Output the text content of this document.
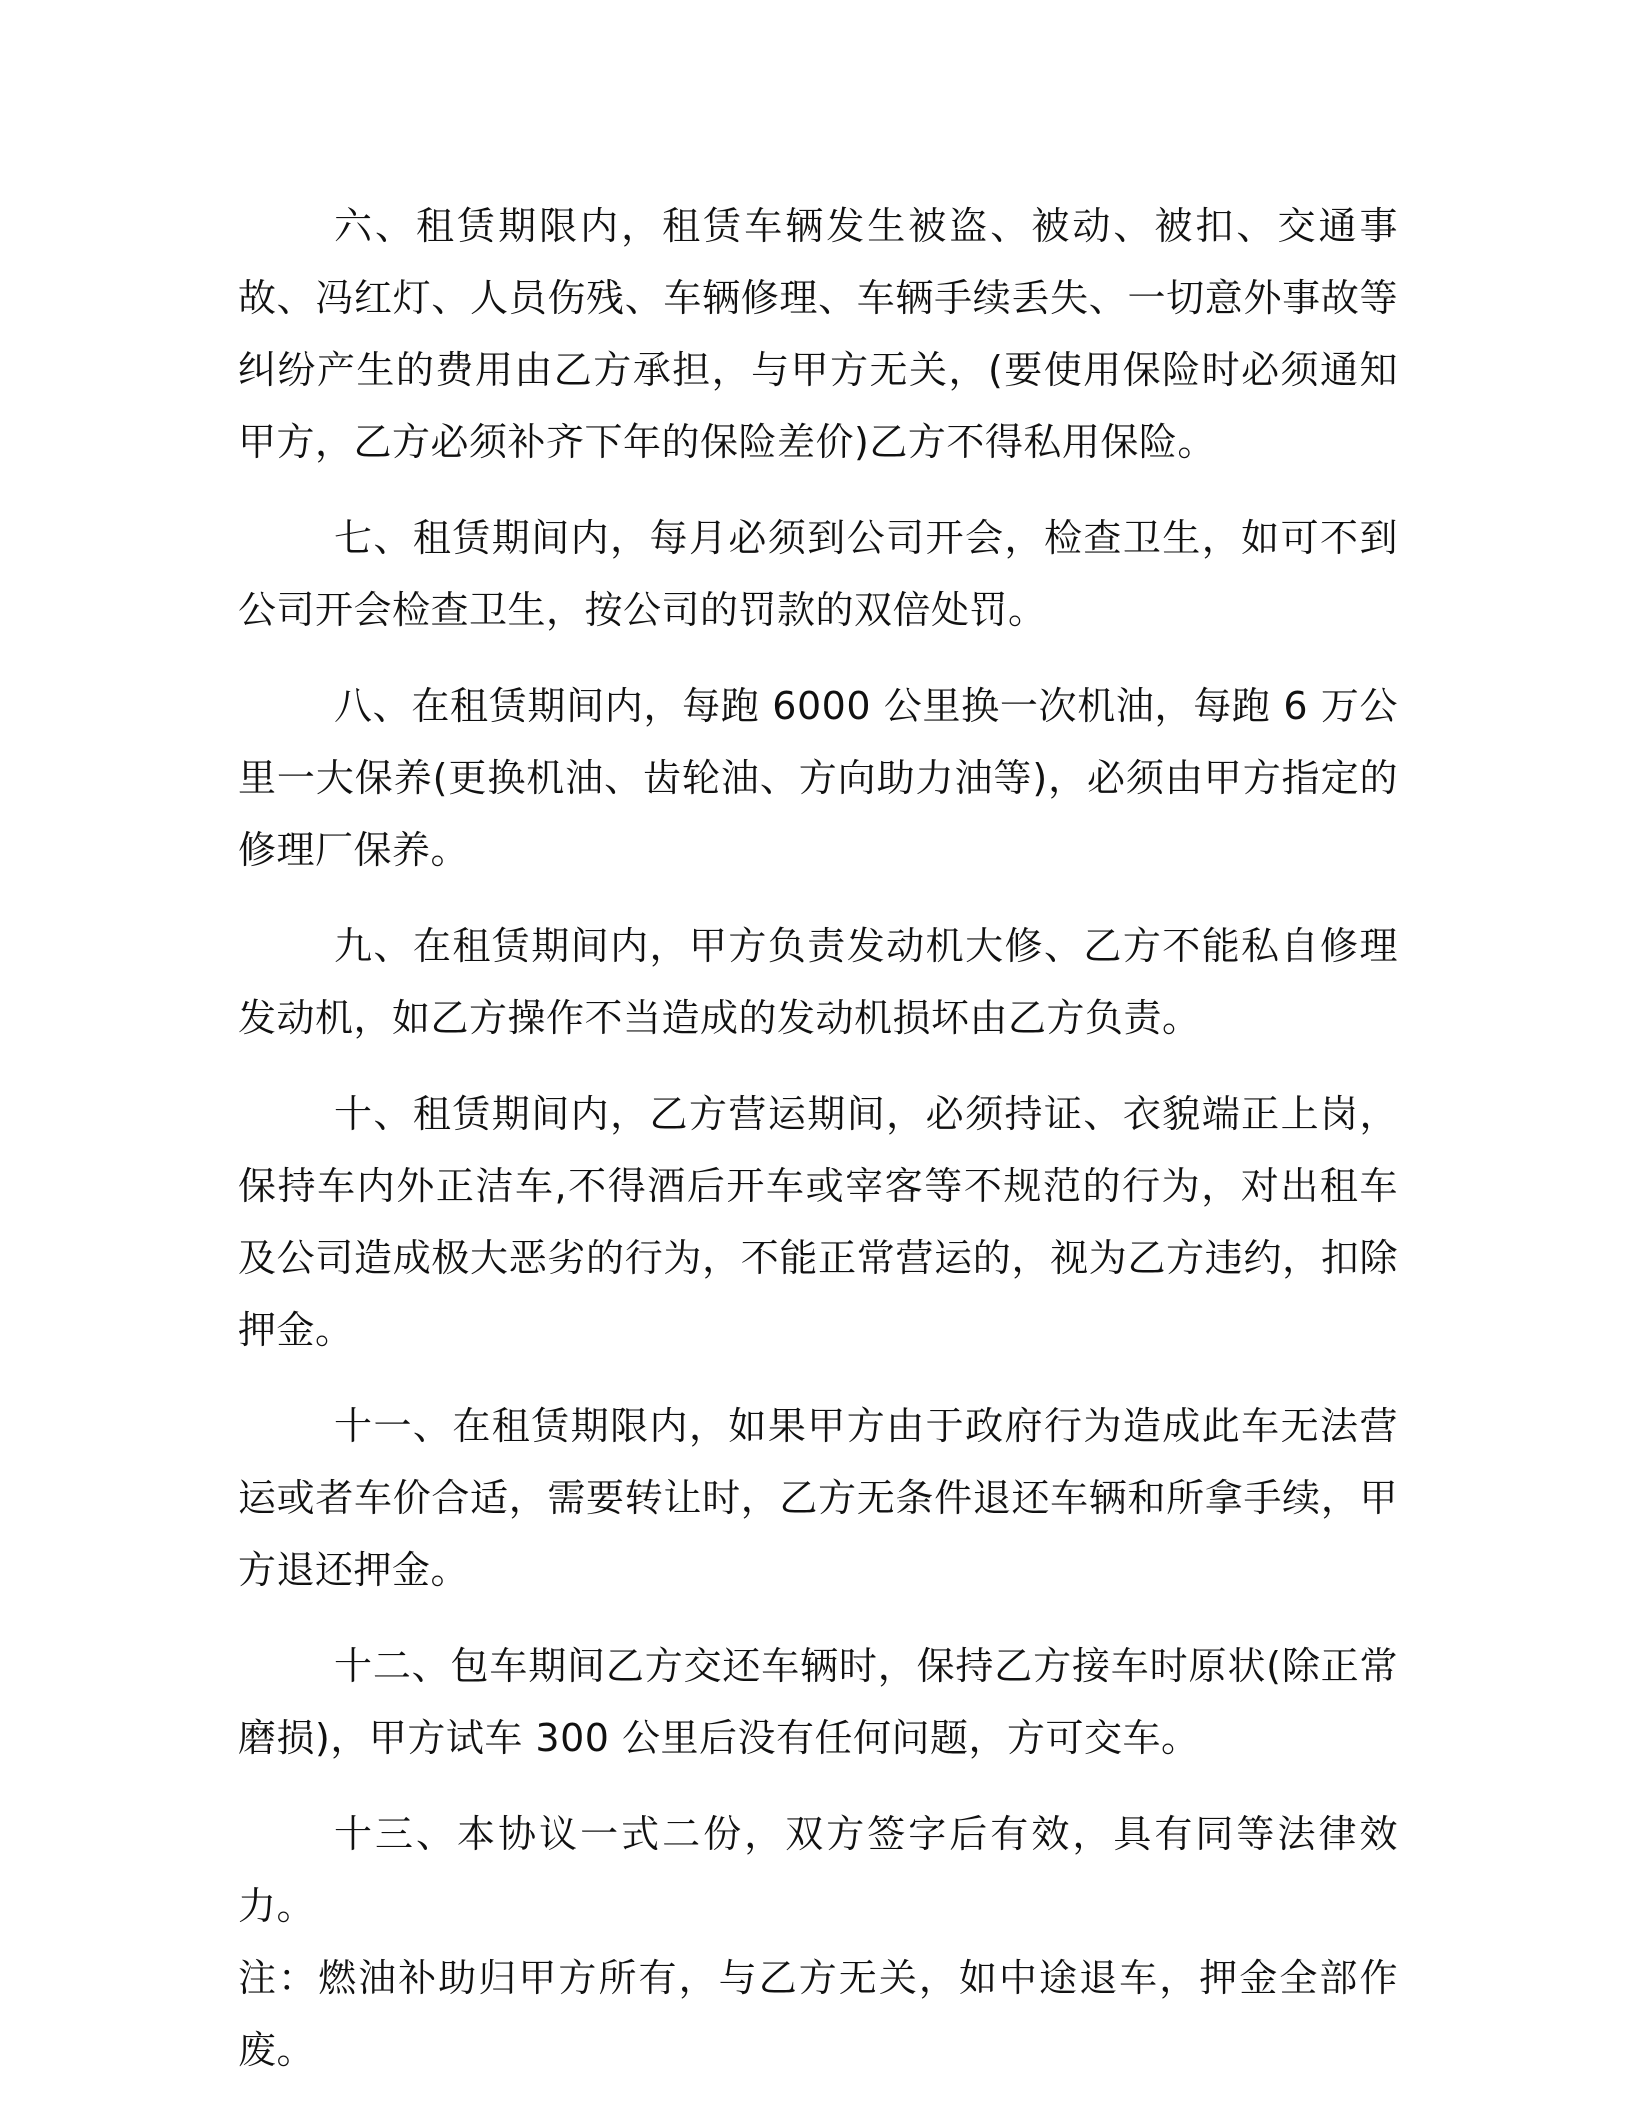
六、租赁期限内，租赁车辆发生被盗、被动、被扣、交通事故、冯红灯、人员伤残、车辆修理、车辆手续丢失、一切意外事故等纠纷产生的费用由乙方承担，与甲方无关，(要使用保险时必须通知甲方，乙方必须补齐下年的保险差价)乙方不得私用保险。

七、租赁期间内，每月必须到公司开会，检查卫生，如可不到公司开会检查卫生，按公司的罚款的双倍处罚。

八、在租赁期间内，每跑 6000 公里换一次机油，每跑 6 万公里一大保养(更换机油、齿轮油、方向助力油等)，必须由甲方指定的修理厂保养。

九、在租赁期间内，甲方负责发动机大修、乙方不能私自修理发动机，如乙方操作不当造成的发动机损坏由乙方负责。

十、租赁期间内，乙方营运期间，必须持证、衣貌端正上岗，保持车内外正洁车,不得酒后开车或宰客等不规范的行为，对出租车及公司造成极大恶劣的行为，不能正常营运的，视为乙方违约，扣除押金。

十一、在租赁期限内，如果甲方由于政府行为造成此车无法营运或者车价合适，需要转让时，乙方无条件退还车辆和所拿手续，甲方退还押金。

十二、包车期间乙方交还车辆时，保持乙方接车时原状(除正常磨损)，甲方试车 300 公里后没有任何问题，方可交车。

十三、本协议一式二份，双方签字后有效，具有同等法律效力。

注：燃油补助归甲方所有，与乙方无关，如中途退车，押金全部作废。
